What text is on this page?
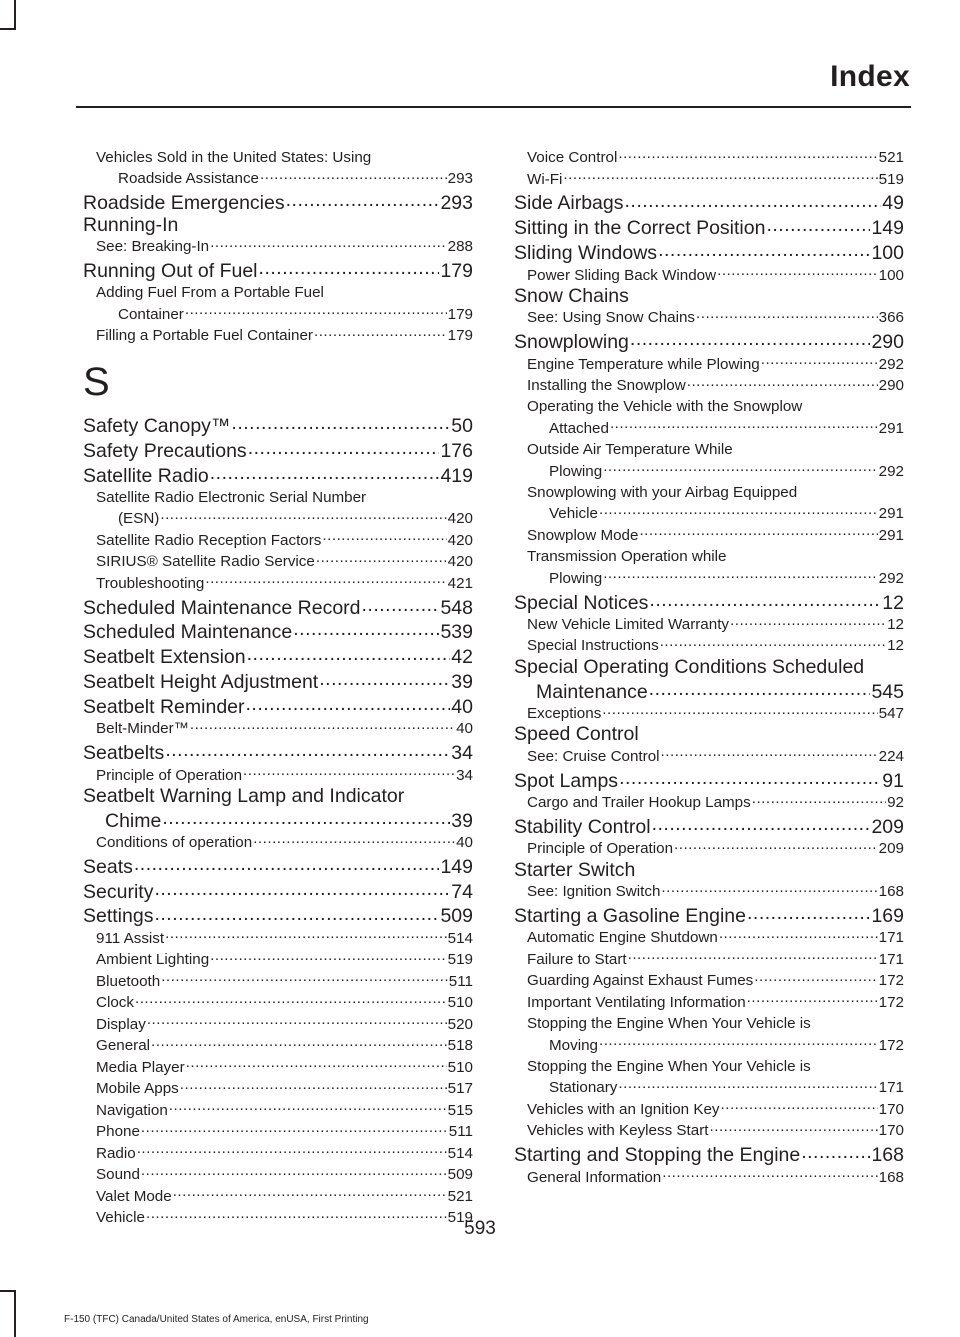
Index
Vehicles Sold in the United States: Using
Roadside Assistance .....	293
Roadside Emergencies .....	293
Running-In
See: Breaking-In .....	288
Running Out of Fuel .....	179
Adding Fuel From a Portable Fuel
Container .....	179
Filling a Portable Fuel Container .....	179
S
Safety Canopy™ .....	50
Safety Precautions .....	176
Satellite Radio .....	419
Satellite Radio Electronic Serial Number
(ESN) .....	420
Satellite Radio Reception Factors .....	420
SIRIUS® Satellite Radio Service .....	420
Troubleshooting .....	421
Scheduled Maintenance Record .....	548
Scheduled Maintenance .....	539
Seatbelt Extension .....	42
Seatbelt Height Adjustment .....	39
Seatbelt Reminder .....	40
Belt-Minder™ .....	40
Seatbelts .....	34
Principle of Operation .....	34
Seatbelt Warning Lamp and Indicator
Chime .....	39
Conditions of operation .....	40
Seats .....	149
Security .....	74
Settings .....	509
911 Assist .....	514
Ambient Lighting .....	519
Bluetooth .....	511
Clock .....	510
Display .....	520
General .....	518
Media Player .....	510
Mobile Apps .....	517
Navigation .....	515
Phone .....	511
Radio .....	514
Sound .....	509
Valet Mode .....	521
Vehicle .....	519
Voice Control .....	521
Wi-Fi .....	519
Side Airbags .....	49
Sitting in the Correct Position .....	149
Sliding Windows .....	100
Power Sliding Back Window .....	100
Snow Chains
See: Using Snow Chains .....	366
Snowplowing .....	290
Engine Temperature while Plowing .....	292
Installing the Snowplow .....	290
Operating the Vehicle with the Snowplow
Attached .....	291
Outside Air Temperature While
Plowing .....	292
Snowplowing with your Airbag Equipped
Vehicle .....	291
Snowplow Mode .....	291
Transmission Operation while
Plowing .....	292
Special Notices .....	12
New Vehicle Limited Warranty .....	12
Special Instructions .....	12
Special Operating Conditions Scheduled
Maintenance .....	545
Exceptions .....	547
Speed Control
See: Cruise Control .....	224
Spot Lamps .....	91
Cargo and Trailer Hookup Lamps .....	92
Stability Control .....	209
Principle of Operation .....	209
Starter Switch
See: Ignition Switch .....	168
Starting a Gasoline Engine .....	169
Automatic Engine Shutdown .....	171
Failure to Start .....	171
Guarding Against Exhaust Fumes .....	172
Important Ventilating Information .....	172
Stopping the Engine When Your Vehicle is
Moving .....	172
Stopping the Engine When Your Vehicle is
Stationary .....	171
Vehicles with an Ignition Key .....	170
Vehicles with Keyless Start .....	170
Starting and Stopping the Engine .....	168
General Information .....	168
593
F-150 (TFC) Canada/United States of America, enUSA, First Printing
